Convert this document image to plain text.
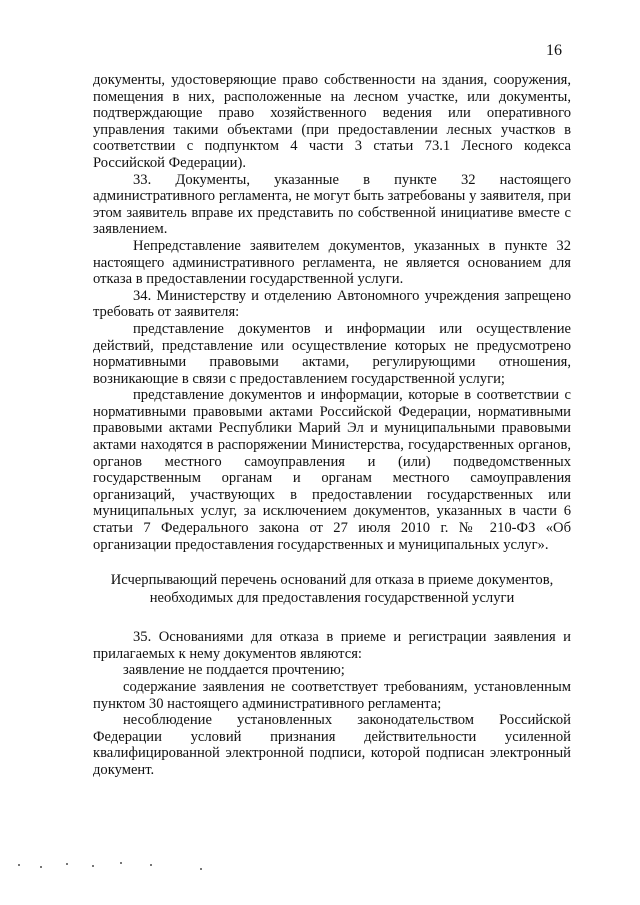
16

документы, удостоверяющие право собственности на здания, сооружения, помещения в них, расположенные на лесном участке, или документы, подтверждающие право хозяйственного ведения или оперативного управления такими объектами (при предоставлении лесных участков в соответствии с подпунктом 4 части 3 статьи 73.1 Лесного кодекса Российской Федерации).

33. Документы, указанные в пункте 32 настоящего административного регламента, не могут быть затребованы у заявителя, при этом заявитель вправе их представить по собственной инициативе вместе с заявлением.

Непредставление заявителем документов, указанных в пункте 32 настоящего административного регламента, не является основанием для отказа в предоставлении государственной услуги.

34. Министерству и отделению Автономного учреждения запрещено требовать от заявителя:

представление документов и информации или осуществление действий, представление или осуществление которых не предусмотрено нормативными правовыми актами, регулирующими отношения, возникающие в связи с предоставлением государственной услуги;

представление документов и информации, которые в соответствии с нормативными правовыми актами Российской Федерации, нормативными правовыми актами Республики Марий Эл и муниципальными правовыми актами находятся в распоряжении Министерства, государственных органов, органов местного самоуправления и (или) подведомственных государственным органам и органам местного самоуправления организаций, участвующих в предоставлении государственных или муниципальных услуг, за исключением документов, указанных в части 6 статьи 7 Федерального закона от 27 июля 2010 г. № 210-ФЗ «Об организации предоставления государственных и муниципальных услуг».

Исчерпывающий перечень оснований для отказа в приеме документов, необходимых для предоставления государственной услуги

35. Основаниями для отказа в приеме и регистрации заявления и прилагаемых к нему документов являются:

заявление не поддается прочтению;

содержание заявления не соответствует требованиям, установленным пунктом 30 настоящего административного регламента;

несоблюдение установленных законодательством Российской Федерации условий признания действительности усиленной квалифицированной электронной подписи, которой подписан электронный документ.
